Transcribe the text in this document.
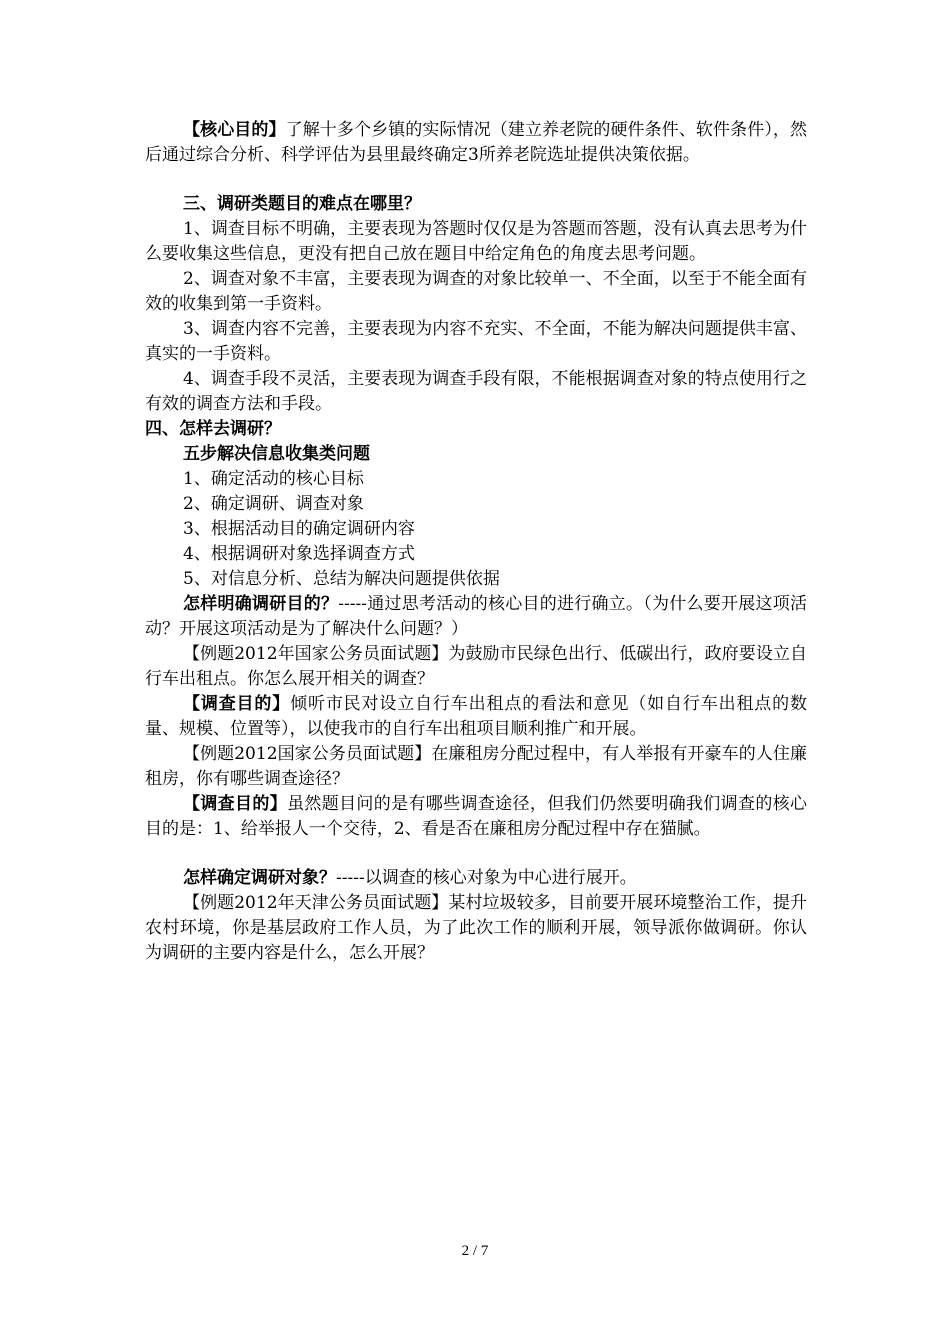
【核心目的】了解十多个乡镇的实际情况（建立养老院的硬件条件、软件条件），然后通过综合分析、科学评估为县里最终确定3所养老院选址提供决策依据。

三、调研类题目的难点在哪里？

1、调查目标不明确，主要表现为答题时仅仅是为答题而答题，没有认真去思考为什么要收集这些信息，更没有把自己放在题目中给定角色的角度去思考问题。

2、调查对象不丰富，主要表现为调查的对象比较单一、不全面，以至于不能全面有效的收集到第一手资料。

3、调查内容不完善，主要表现为内容不充实、不全面，不能为解决问题提供丰富、真实的一手资料。

4、调查手段不灵活，主要表现为调查手段有限，不能根据调查对象的特点使用行之有效的调查方法和手段。

四、怎样去调研？

五步解决信息收集类问题

1、确定活动的核心目标

2、确定调研、调查对象

3、根据活动目的确定调研内容

4、根据调研对象选择调查方式

5、对信息分析、总结为解决问题提供依据

怎样明确调研目的？-----通过思考活动的核心目的进行确立。（为什么要开展这项活动？开展这项活动是为了解决什么问题？）

【例题2012年国家公务员面试题】为鼓励市民绿色出行、低碳出行，政府要设立自行车出租点。你怎么展开相关的调查？

【调查目的】倾听市民对设立自行车出租点的看法和意见（如自行车出租点的数量、规模、位置等），以使我市的自行车出租项目顺利推广和开展。

【例题2012国家公务员面试题】在廉租房分配过程中，有人举报有开豪车的人住廉租房，你有哪些调查途径？

【调查目的】虽然题目问的是有哪些调查途径，但我们仍然要明确我们调查的核心目的是：1、给举报人一个交待，2、看是否在廉租房分配过程中存在猫腻。

怎样确定调研对象？-----以调查的核心对象为中心进行展开。

【例题2012年天津公务员面试题】某村垃圾较多，目前要开展环境整治工作，提升农村环境，你是基层政府工作人员，为了此次工作的顺利开展，领导派你做调研。你认为调研的主要内容是什么，怎么开展？

2 / 7
